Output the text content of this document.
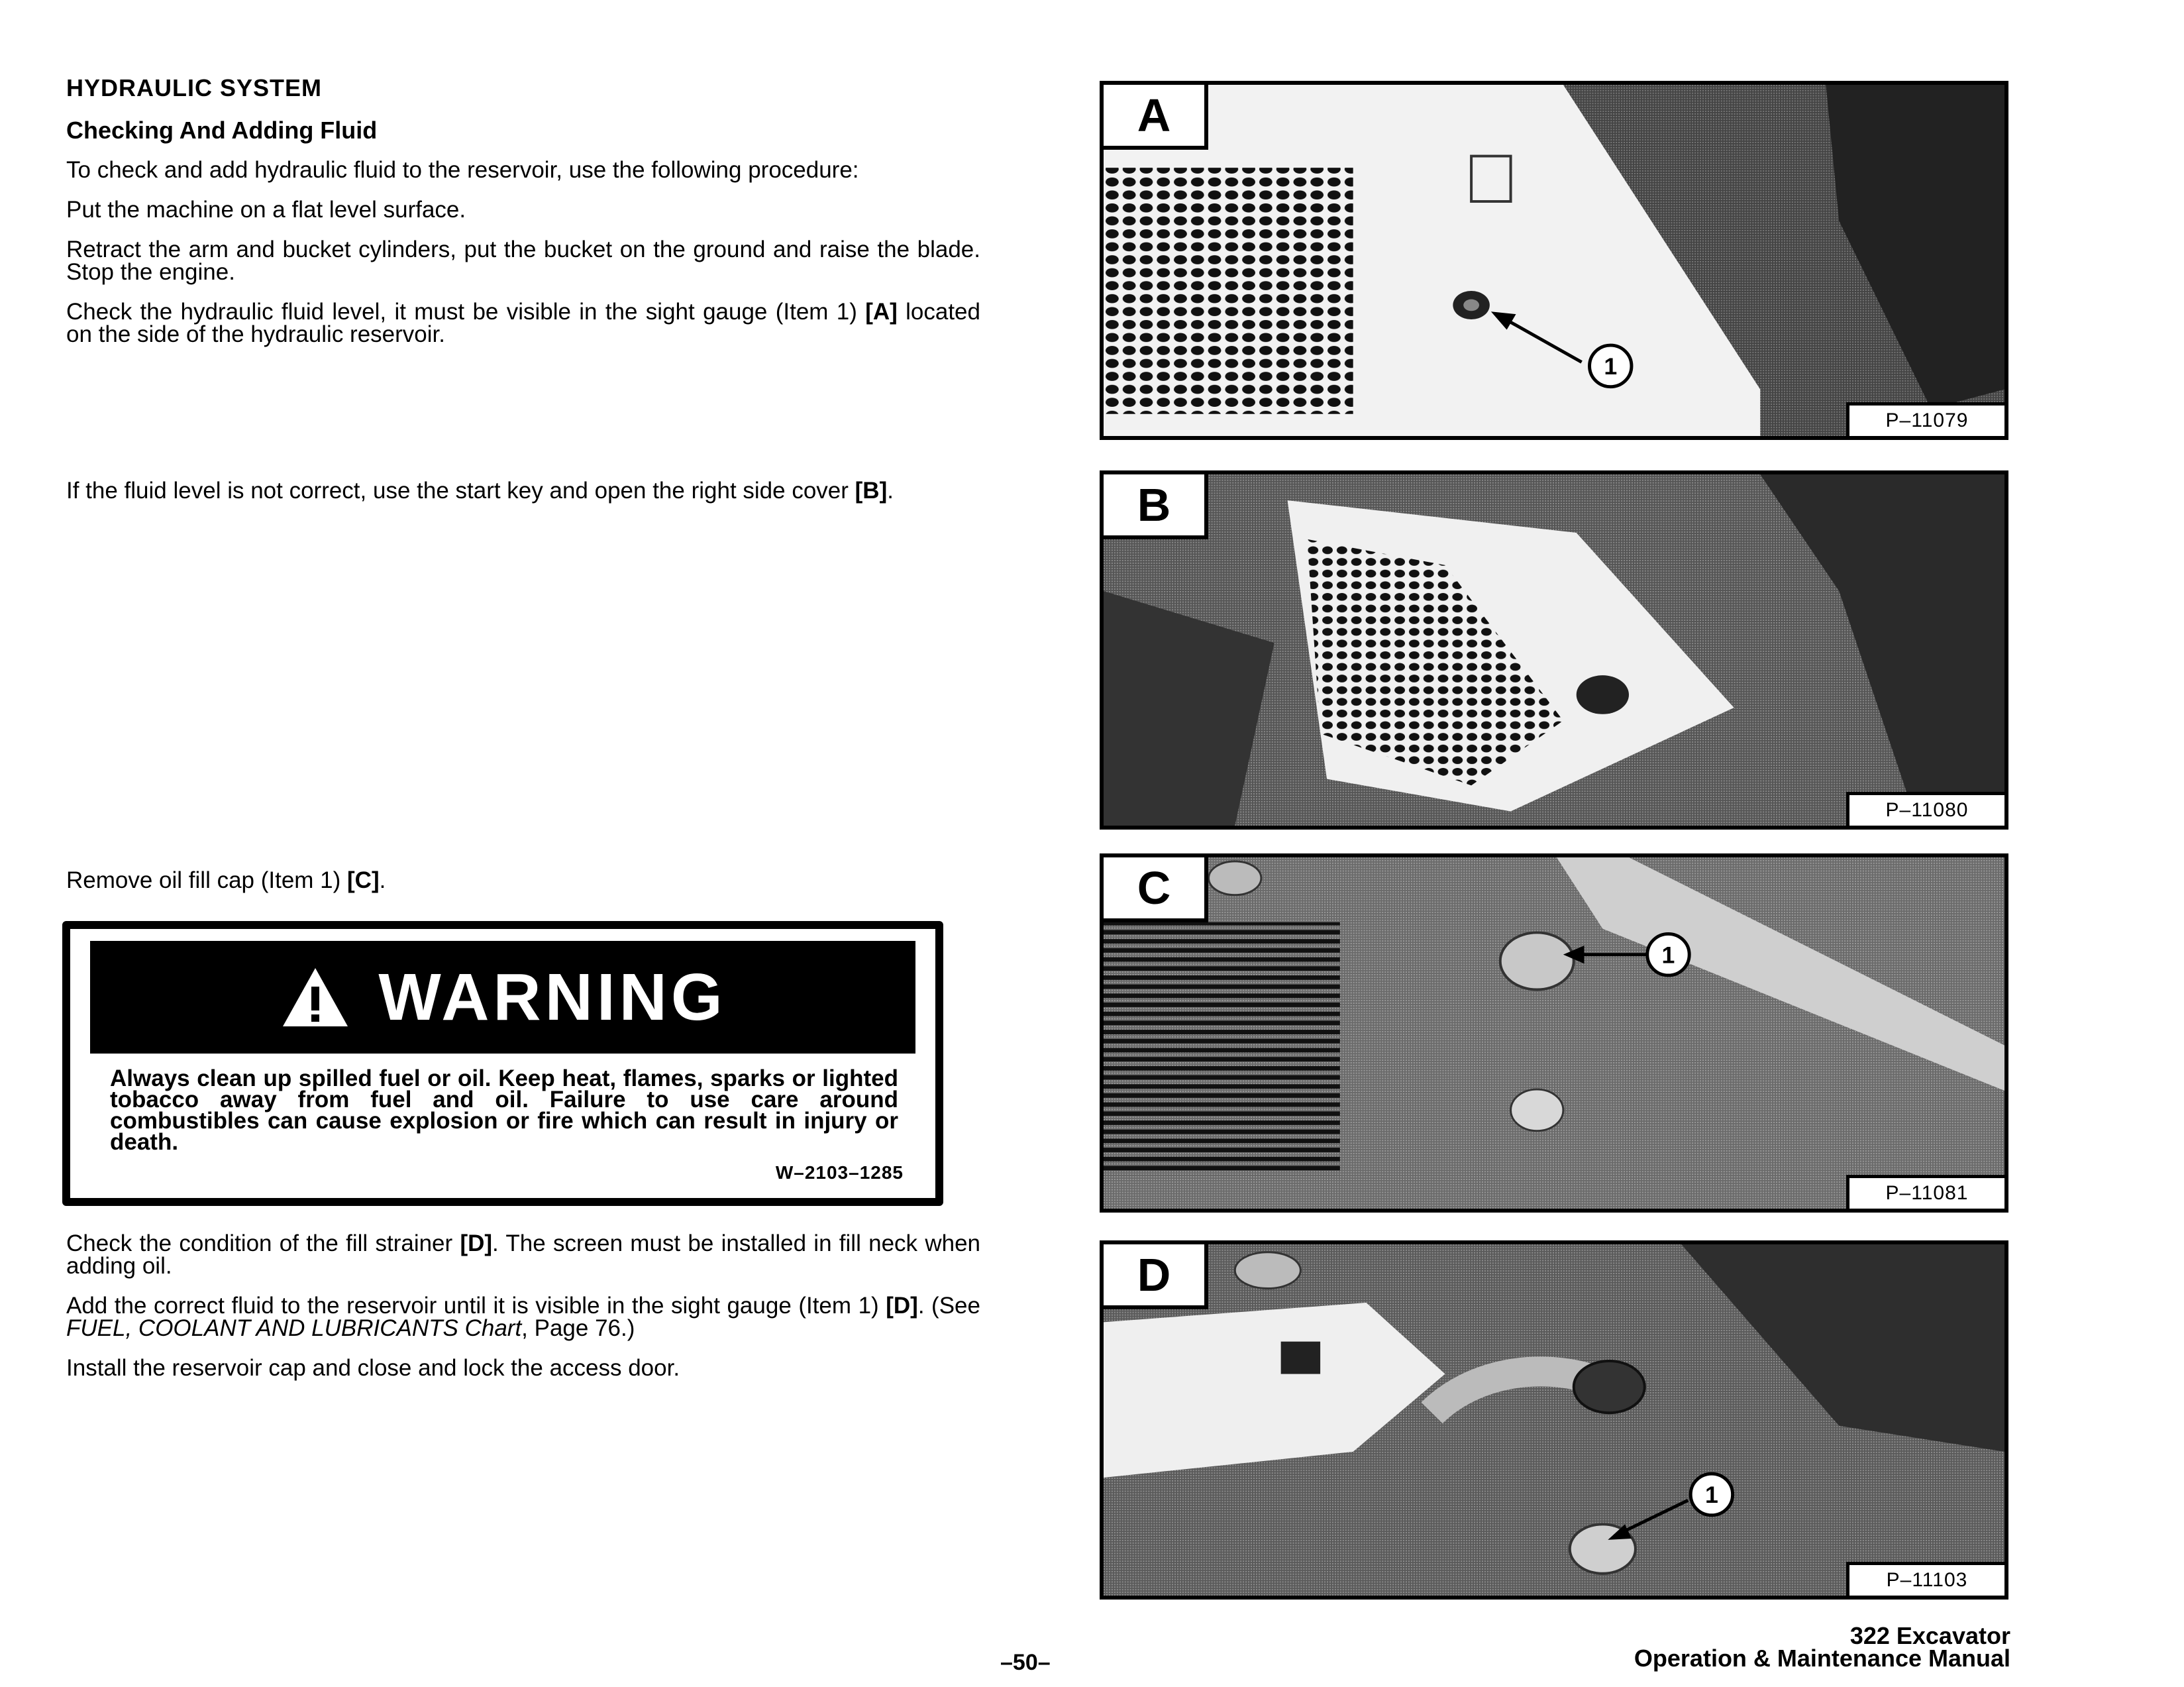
HYDRAULIC SYSTEM
Checking And Adding Fluid

To check and add hydraulic fluid to the reservoir, use the following procedure:

Put the machine on a flat level surface.

Retract the arm and bucket cylinders, put the bucket on the ground and raise the blade. Stop the engine.

Check the hydraulic fluid level, it must be visible in the sight gauge (Item 1) [A] located on the side of the hydraulic reservoir.

If the fluid level is not correct, use the start key and open the right side cover [B].

Remove oil fill cap (Item 1) [C].

WARNING
Always clean up spilled fuel or oil. Keep heat, flames, sparks or lighted tobacco away from fuel and oil. Failure to use care around combustibles can cause explosion or fire which can result in injury or death.
W–2103–1285

Check the condition of the fill strainer [D]. The screen must be installed in fill neck when adding oil.

Add the correct fluid to the reservoir until it is visible in the sight gauge (Item 1) [D]. (See FUEL, COOLANT AND LUBRICANTS Chart, Page 76.)

Install the reservoir cap and close and lock the access door.

1
A
P–11079
B
P–11080
1
C
P–11081
1
D
P–11103
–50–
322 Excavator
Operation & Maintenance Manual
